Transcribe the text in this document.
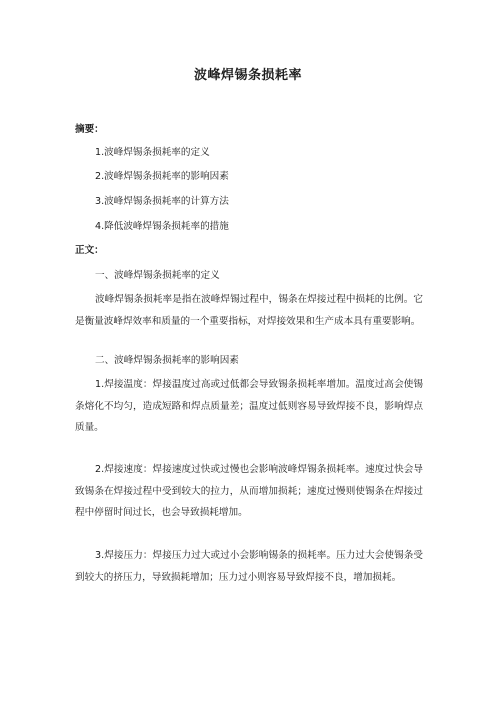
波峰焊锡条损耗率
摘要：
1.波峰焊锡条损耗率的定义
2.波峰焊锡条损耗率的影响因素
3.波峰焊锡条损耗率的计算方法
4.降低波峰焊锡条损耗率的措施
正文：
一、波峰焊锡条损耗率的定义

波峰焊锡条损耗率是指在波峰焊锡过程中，锡条在焊接过程中损耗的比例。它是衡量波峰焊效率和质量的一个重要指标，对焊接效果和生产成本具有重要影响。

二、波峰焊锡条损耗率的影响因素

1.焊接温度：焊接温度过高或过低都会导致锡条损耗率增加。温度过高会使锡条熔化不均匀，造成短路和焊点质量差；温度过低则容易导致焊接不良，影响焊点质量。

2.焊接速度：焊接速度过快或过慢也会影响波峰焊锡条损耗率。速度过快会导致锡条在焊接过程中受到较大的拉力，从而增加损耗；速度过慢则使锡条在焊接过程中停留时间过长，也会导致损耗增加。

3.焊接压力：焊接压力过大或过小会影响锡条的损耗率。压力过大会使锡条受到较大的挤压力，导致损耗增加；压力过小则容易导致焊接不良，增加损耗。
